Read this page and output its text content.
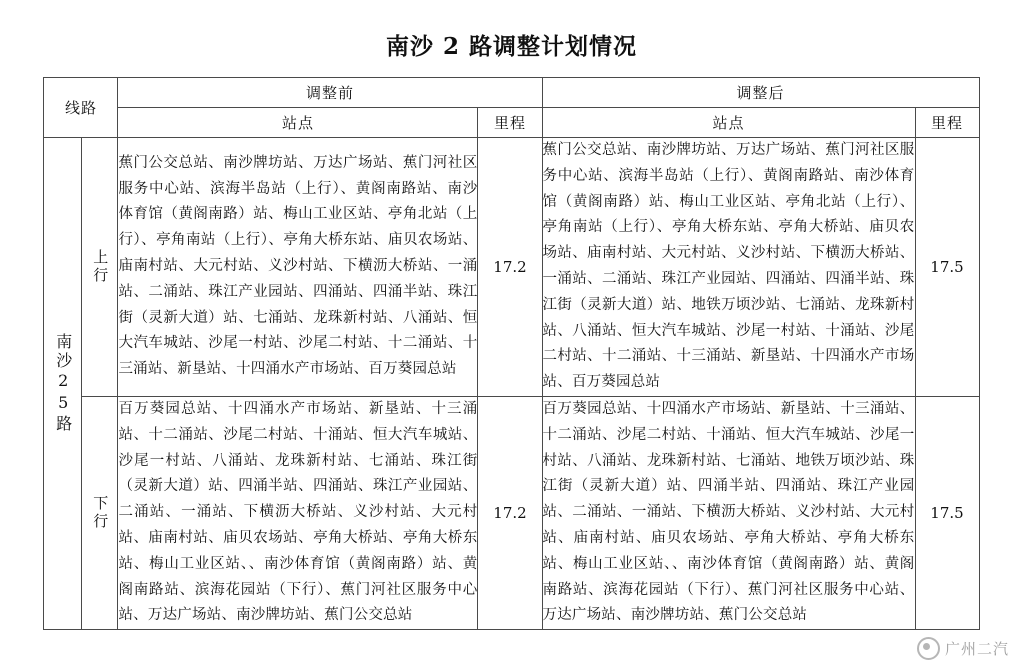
南沙 2 路调整计划情况
线路		调整前		调整后	
		站点	里程	站点	里程

南沙25路

上行
	蕉门公交总站、南沙牌坊站、万达广场站、蕉门河社区服务中心站、滨海半岛站（上行）、黄阁南路站、南沙体育馆（黄阁南路）站、梅山工业区站、亭角北站（上行）、亭角南站（上行）、亭角大桥东站、庙贝农场站、庙南村站、大元村站、义沙村站、下横沥大桥站、一涌站、二涌站、珠江产业园站、四涌站、四涌半站、珠江街（灵新大道）站、七涌站、龙珠新村站、八涌站、恒大汽车城站、沙尾一村站、沙尾二村站、十二涌站、十三涌站、新垦站、十四涌水产市场站、百万葵园总站	17.2	蕉门公交总站、南沙牌坊站、万达广场站、蕉门河社区服务中心站、滨海半岛站（上行）、黄阁南路站、南沙体育馆（黄阁南路）站、梅山工业区站、亭角北站（上行）、亭角南站（上行）、亭角大桥东站、亭角大桥站、庙贝农场站、庙南村站、大元村站、义沙村站、下横沥大桥站、一涌站、二涌站、珠江产业园站、四涌站、四涌半站、珠江街（灵新大道）站、地铁万顷沙站、七涌站、龙珠新村站、八涌站、恒大汽车城站、沙尾一村站、十涌站、沙尾二村站、十二涌站、十三涌站、新垦站、十四涌水产市场站、百万葵园总站	17.5

下行
	百万葵园总站、十四涌水产市场站、新垦站、十三涌站、十二涌站、沙尾二村站、十涌站、恒大汽车城站、沙尾一村站、八涌站、龙珠新村站、七涌站、珠江街（灵新大道）站、四涌半站、四涌站、珠江产业园站、二涌站、一涌站、下横沥大桥站、义沙村站、大元村站、庙南村站、庙贝农场站、亭角大桥站、亭角大桥东站、梅山工业区站、、南沙体育馆（黄阁南路）站、黄阁南路站、滨海花园站（下行）、蕉门河社区服务中心站、万达广场站、南沙牌坊站、蕉门公交总站	17.2	百万葵园总站、十四涌水产市场站、新垦站、十三涌站、十二涌站、沙尾二村站、十涌站、恒大汽车城站、沙尾一村站、八涌站、龙珠新村站、七涌站、地铁万顷沙站、珠江街（灵新大道）站、四涌半站、四涌站、珠江产业园站、二涌站、一涌站、下横沥大桥站、义沙村站、大元村站、庙南村站、庙贝农场站、亭角大桥站、亭角大桥东站、梅山工业区站、、南沙体育馆（黄阁南路）站、黄阁南路站、滨海花园站（下行）、蕉门河社区服务中心站、万达广场站、南沙牌坊站、蕉门公交总站	17.5
广州二汽
